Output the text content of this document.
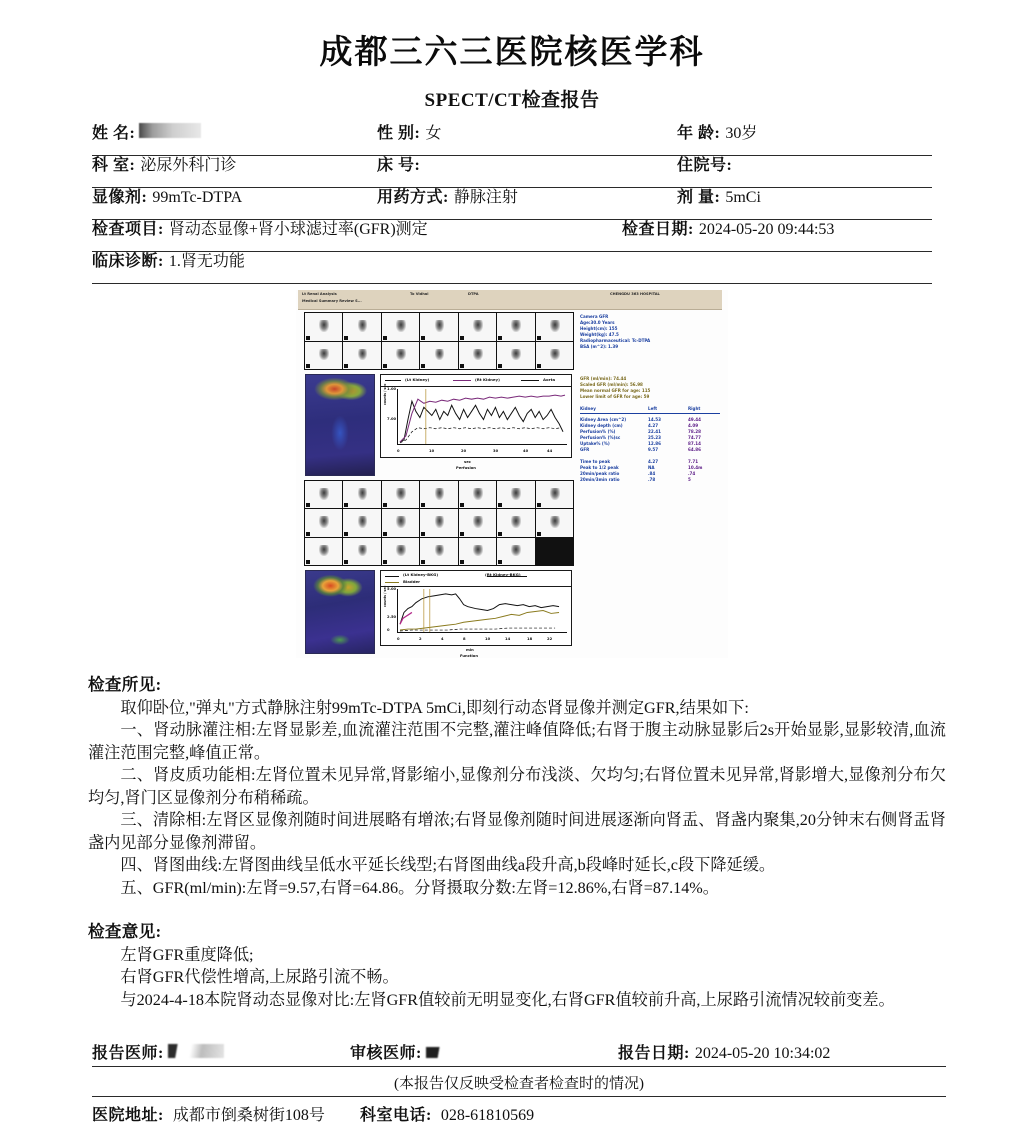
成都三六三医院核医学科
SPECT/CT检查报告
姓 名:	性 别: 女	年 龄: 30岁
科 室: 泌尿外科门诊	床 号:	住院号:
显像剂: 99mTc-DTPA	用药方式: 静脉注射	剂 量: 5mCi
检查项目: 肾动态显像+肾小球滤过率(GFR)测定	检查日期: 2024-05-20 09:44:53
临床诊断: 1.肾无功能
Lt Renal Analysis
Medical Summary Review S...
To Vidhal	DTPA	CHENGDU 363 HOSPITAL
Camera GFR
Age:30.0 Years
Height(cm): 155
Weight(kg): 47.5
Radiopharmaceutical: Tc-DTPA
BSA (m^2): 1.39
(Lt Kidney)	(Rt Kidney)	Aorta
1.00
7.00
counts / sec
0	10	20	30	40	44
sec
Perfusion
GFR (ml/min): 74.44
Scaled GFR (ml/min): 56.98
Mean normal GFR for age: 115
Lower limit of GFR for age: 59
Kidney	Left	Right
Kidney Area (cm^2)	14.53	49.44
Kidney depth (cm)	4.27	4.09
Perfusion% (%)	22.41	78.28
Perfusion% (%)sc	25.23	74.77
Uptake% (%)	12.86	87.14
GFR	9.57	64.86
Time to peak	4.27	7.71
Peak to 1/2 peak	NA	10.4m
20min/peak ratio	.84	.74
20min/3min ratio	.78	5
(Lt Kidney-BKG)	(Rt Kidney-BKG)
Bladder
5.00
2.50
0
counts / sec
0	2	4	8	10	14	18	22
min
Function
检查所见:

取仰卧位,"弹丸"方式静脉注射99mTc-DTPA 5mCi,即刻行动态肾显像并测定GFR,结果如下:

一、肾动脉灌注相:左肾显影差,血流灌注范围不完整,灌注峰值降低;右肾于腹主动脉显影后2s开始显影,显影较清,血流灌注范围完整,峰值正常。

二、肾皮质功能相:左肾位置未见异常,肾影缩小,显像剂分布浅淡、欠均匀;右肾位置未见异常,肾影增大,显像剂分布欠均匀,肾门区显像剂分布稍稀疏。

三、清除相:左肾区显像剂随时间进展略有增浓;右肾显像剂随时间进展逐渐向肾盂、肾盏内聚集,20分钟末右侧肾盂肾盏内见部分显像剂滞留。

四、肾图曲线:左肾图曲线呈低水平延长线型;右肾图曲线a段升高,b段峰时延长,c段下降延缓。

五、GFR(ml/min):左肾=9.57,右肾=64.86。分肾摄取分数:左肾=12.86%,右肾=87.14%。

检查意见:

左肾GFR重度降低;

右肾GFR代偿性增高,上尿路引流不畅。

与2024-4-18本院肾动态显像对比:左肾GFR值较前无明显变化,右肾GFR值较前升高,上尿路引流情况较前变差。

报告医师:	审核医师:	报告日期: 2024-05-20 10:34:02
(本报告仅反映受检查者检查时的情况)
医院地址: 成都市倒桑树街108号	科室电话: 028-61810569
